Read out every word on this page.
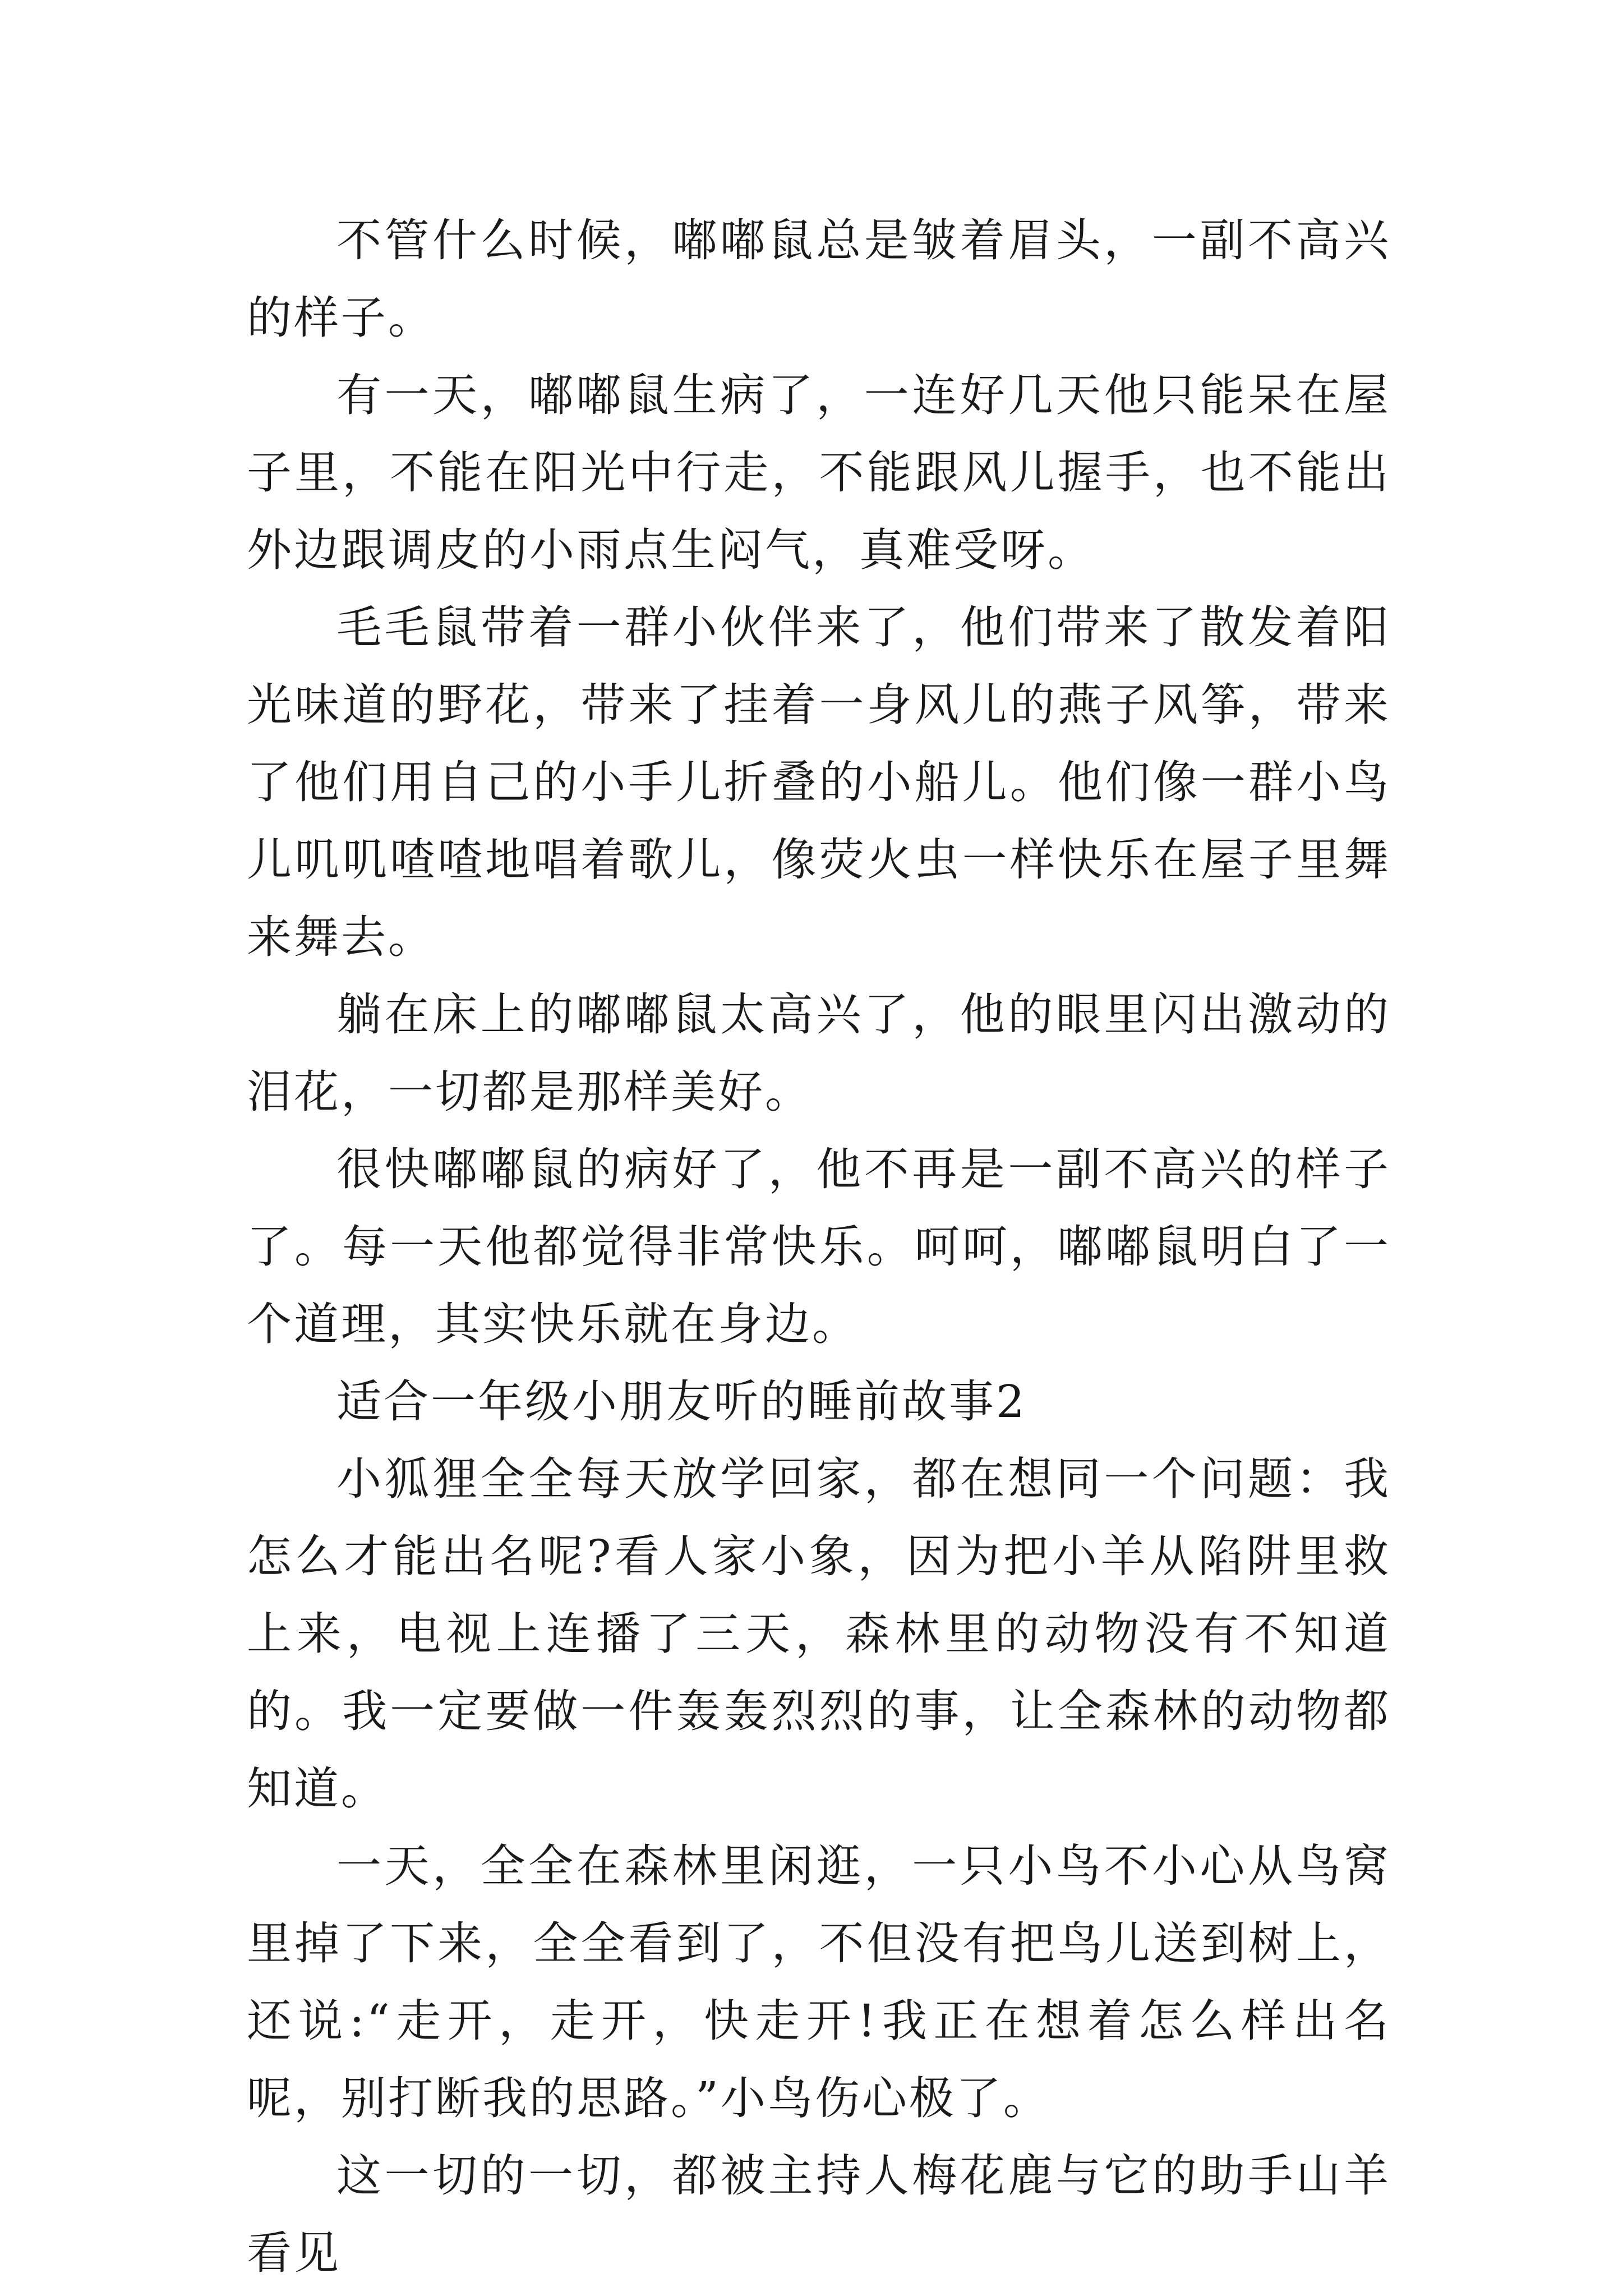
不管什么时候，嘟嘟鼠总是皱着眉头，一副不高兴的样子。

有一天，嘟嘟鼠生病了，一连好几天他只能呆在屋子里，不能在阳光中行走，不能跟风儿握手，也不能出外边跟调皮的小雨点生闷气，真难受呀。

毛毛鼠带着一群小伙伴来了，他们带来了散发着阳光味道的野花，带来了挂着一身风儿的燕子风筝，带来了他们用自己的小手儿折叠的小船儿。他们像一群小鸟儿叽叽喳喳地唱着歌儿，像荧火虫一样快乐在屋子里舞来舞去。

躺在床上的嘟嘟鼠太高兴了，他的眼里闪出激动的泪花，一切都是那样美好。

很快嘟嘟鼠的病好了，他不再是一副不高兴的样子了。每一天他都觉得非常快乐。呵呵，嘟嘟鼠明白了一个道理，其实快乐就在身边。

适合一年级小朋友听的睡前故事2

小狐狸全全每天放学回家，都在想同一个问题：我怎么才能出名呢?看人家小象，因为把小羊从陷阱里救上来，电视上连播了三天，森林里的动物没有不知道的。我一定要做一件轰轰烈烈的事，让全森林的动物都知道。

一天，全全在森林里闲逛，一只小鸟不小心从鸟窝里掉了下来，全全看到了，不但没有把鸟儿送到树上，还说:“走开，走开，快走开!我正在想着怎么样出名呢，别打断我的思路。”小鸟伤心极了。

这一切的一切，都被主持人梅花鹿与它的助手山羊看见
